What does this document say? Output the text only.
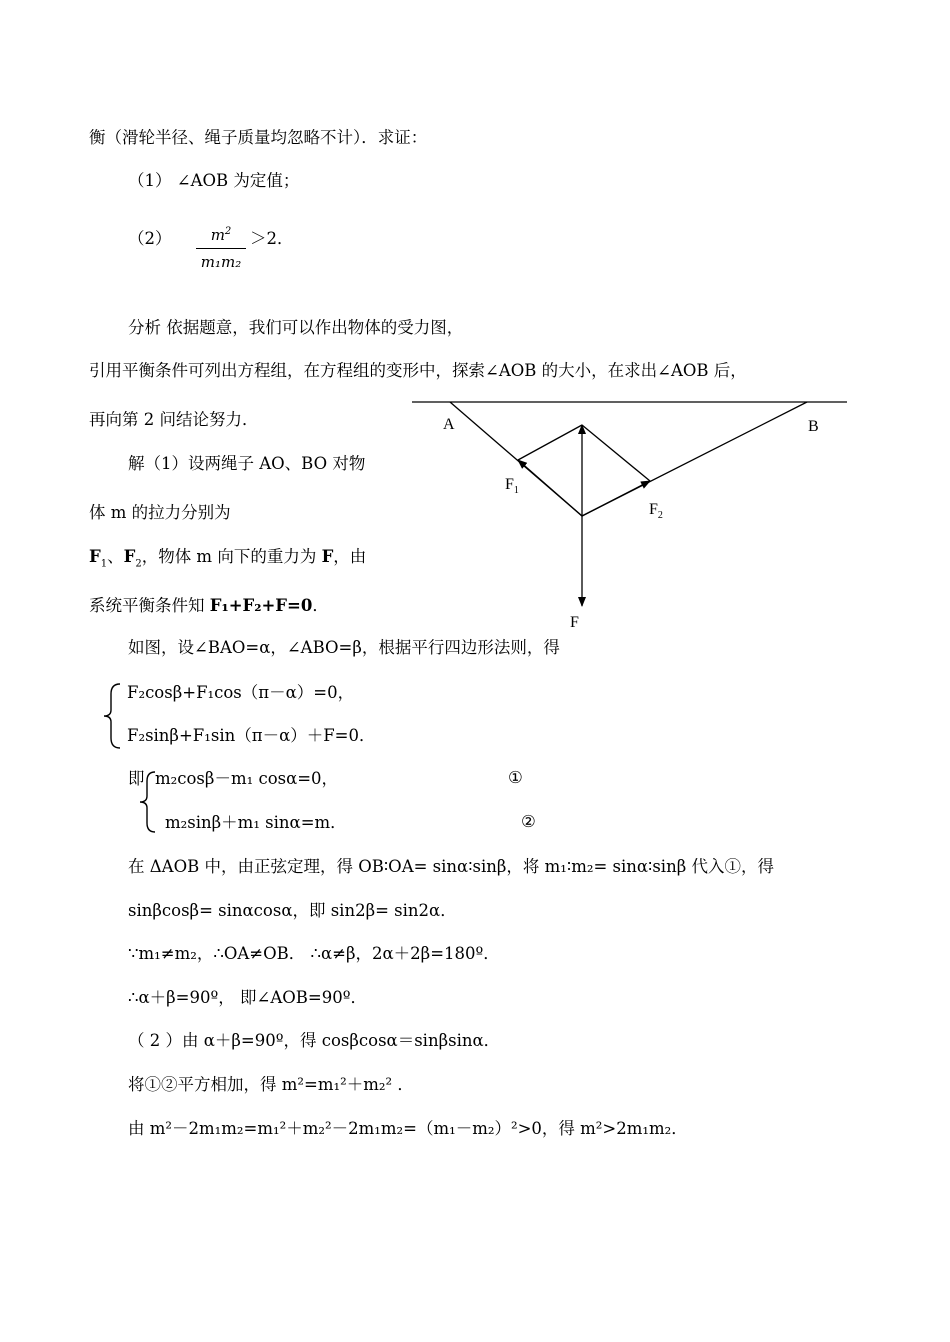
衡（滑轮半径、绳子质量均忽略不计）．求证：
（1） ∠AOB 为定值；
（2）	$m^2$
m₁m₂
＞2．
分析 依据题意，我们可以作出物体的受力图，
引用平衡条件可列出方程组，在方程组的变形中，探索∠AOB 的大小，在求出∠AOB 后，
再向第 2 问结论努力．
解（1）设两绳子 AO、BO 对物
体 m 的拉力分别为
$F_1$、$F_2$，物体 m 向下的重力为 F，由
系统平衡条件知 F₁+F₂+F=0．
如图，设∠BAO=α，∠ABO=β，根据平行四边形法则，得
F₂cosβ+F₁cos（π－α）=0，
F₂sinβ+F₁sin（π－α）＋F=0．
即 m₂cosβ－m₁ cosα=0，
m₂sinβ＋m₁ sinα=m．
①
②
在 ΔAOB 中，由正弦定理，得 OB∶OA= sinα∶sinβ，将 m₁∶m₂= sinα∶sinβ 代入①，得
sinβcosβ= sinαcosα，即 sin2β= sin2α．
∵m₁≠m₂，∴OA≠OB． ∴α≠β，2α＋2β=180º．
∴α＋β=90º， 即∠AOB=90º．
（ 2 ）由 α＋β=90º，得 cosβcosα＝sinβsinα．
将①②平方相加，得 m²=m₁²＋m₂² ．
由 m²－2m₁m₂=m₁²＋m₂²－2m₁m₂=（m₁－m₂）²>0，得 m²>2m₁m₂．
A	B
$F_1$
$F_2$
F
